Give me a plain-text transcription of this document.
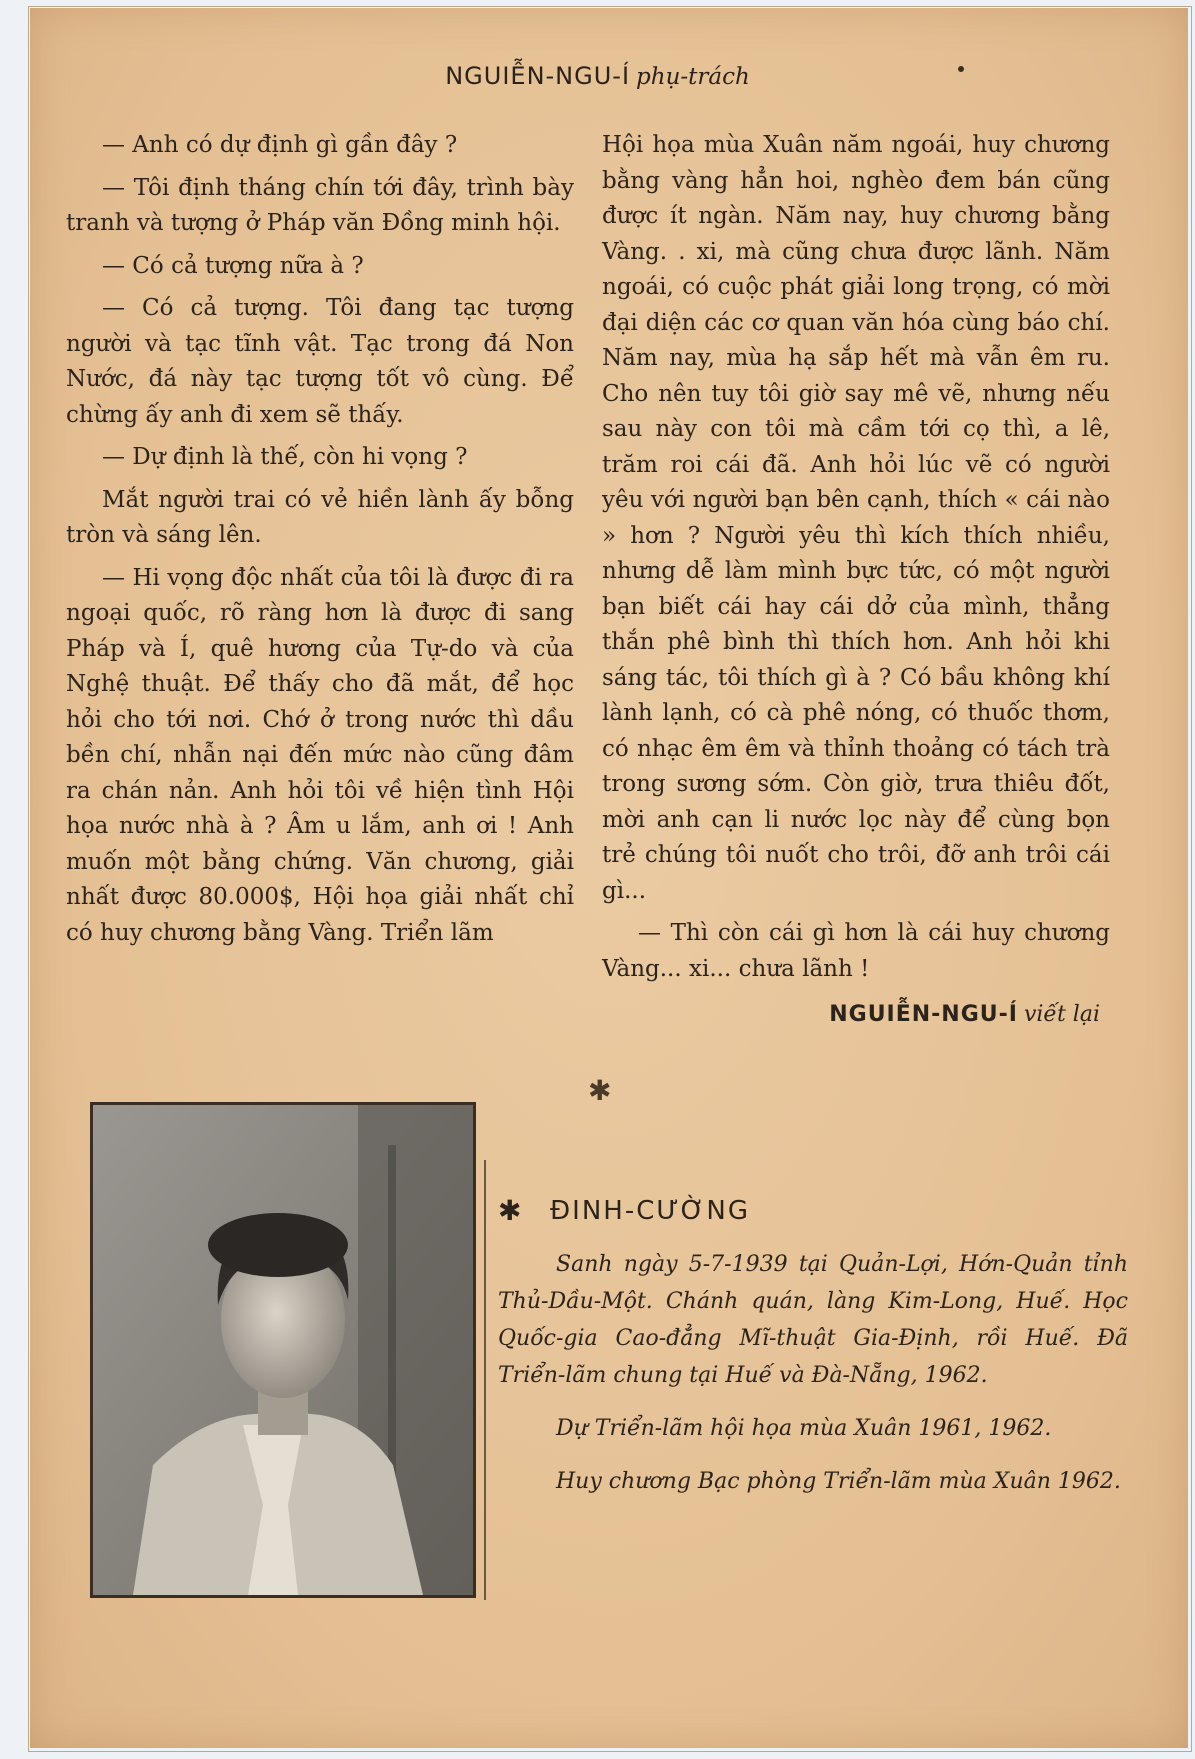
NGUIỄN-NGU-Í phụ-trách

— Anh có dự định gì gần đây ?

— Tôi định tháng chín tới đây, trình bày tranh và tượng ở Pháp văn Đồng minh hội.

— Có cả tượng nữa à ?

— Có cả tượng. Tôi đang tạc tượng người và tạc tĩnh vật. Tạc trong đá Non Nước, đá này tạc tượng tốt vô cùng. Để chừng ấy anh đi xem sẽ thấy.

— Dự định là thế, còn hi vọng ?

Mắt người trai có vẻ hiền lành ấy bỗng tròn và sáng lên.

— Hi vọng độc nhất của tôi là được đi ra ngoại quốc, rõ ràng hơn là được đi sang Pháp và Í, quê hương của Tự-do và của Nghệ thuật. Để thấy cho đã mắt, để học hỏi cho tới nơi. Chớ ở trong nước thì dầu bền chí, nhẫn nại đến mức nào cũng đâm ra chán nản. Anh hỏi tôi về hiện tình Hội họa nước nhà à ? Âm u lắm, anh ơi ! Anh muốn một bằng chứng. Văn chương, giải nhất được 80.000$, Hội họa giải nhất chỉ có huy chương bằng Vàng. Triển lãm

Hội họa mùa Xuân năm ngoái, huy chương bằng vàng hẳn hoi, nghèo đem bán cũng được ít ngàn. Năm nay, huy chương bằng Vàng. . xi, mà cũng chưa được lãnh. Năm ngoái, có cuộc phát giải long trọng, có mời đại diện các cơ quan văn hóa cùng báo chí. Năm nay, mùa hạ sắp hết mà vẫn êm ru. Cho nên tuy tôi giờ say mê vẽ, nhưng nếu sau này con tôi mà cầm tới cọ thì, a lê, trăm roi cái đã. Anh hỏi lúc vẽ có người yêu với người bạn bên cạnh, thích « cái nào » hơn ? Người yêu thì kích thích nhiều, nhưng dễ làm mình bực tức, có một người bạn biết cái hay cái dở của mình, thẳng thắn phê bình thì thích hơn. Anh hỏi khi sáng tác, tôi thích gì à ? Có bầu không khí lành lạnh, có cà phê nóng, có thuốc thơm, có nhạc êm êm và thỉnh thoảng có tách trà trong sương sớm. Còn giờ, trưa thiêu đốt, mời anh cạn li nước lọc này để cùng bọn trẻ chúng tôi nuốt cho trôi, đỡ anh trôi cái gì...

— Thì còn cái gì hơn là cái huy chương Vàng... xi... chưa lãnh !

NGUIỄN-NGU-Í viết lại
✱
✱ ĐINH-CƯỜNG

Sanh ngày 5-7-1939 tại Quản-Lợi, Hớn-Quản tỉnh Thủ-Dầu-Một. Chánh quán, làng Kim-Long, Huế. Học Quốc-gia Cao-đẳng Mĩ-thuật Gia-Định, rồi Huế. Đã Triển-lãm chung tại Huế và Đà-Nẵng, 1962.

Dự Triển-lãm hội họa mùa Xuân 1961, 1962.

Huy chương Bạc phòng Triển-lãm mùa Xuân 1962.
